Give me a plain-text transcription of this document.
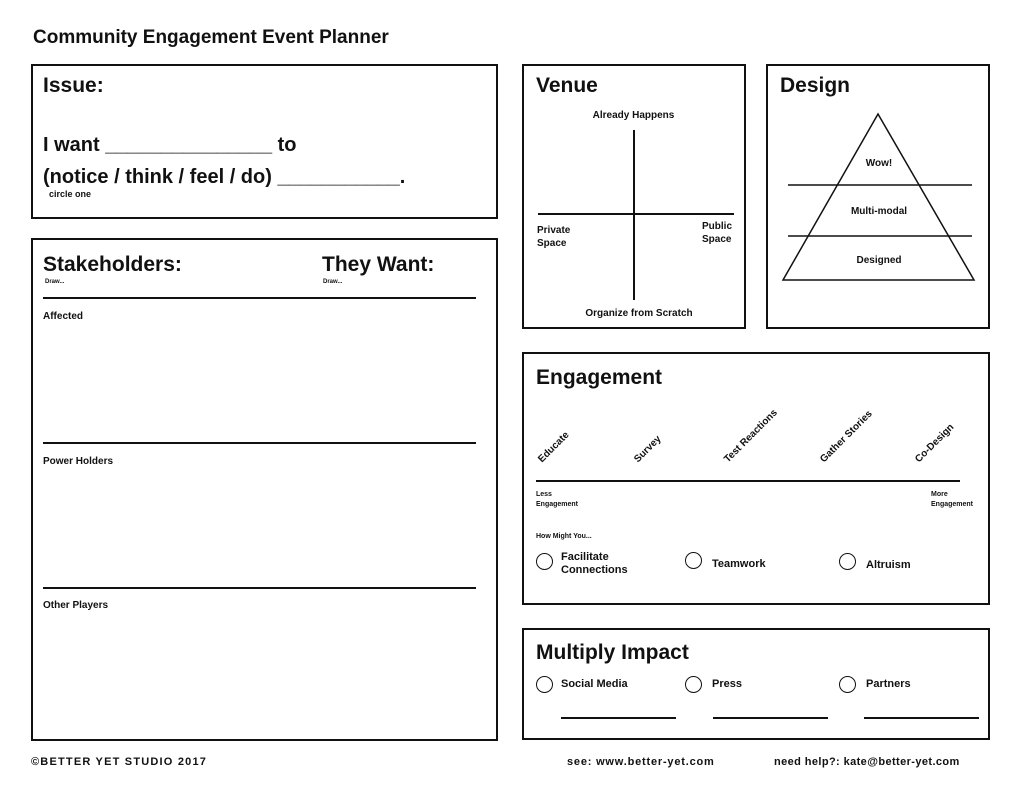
Community Engagement Event Planner
Issue:
I want _______________ to
(notice / think / feel / do) ___________.
circle one
Stakeholders:
Draw...
They Want:
Draw...
Affected
Power Holders
Other Players
Venue
Already Happens
Private
Space
Public
Space
Organize from Scratch
Design
Wow!
Multi-modal
Designed
Engagement
Educate	Survey	Test Reactions	Gather Stories	Co-Design
Less
Engagement
More
Engagement
How Might You...
Facilitate
Connections	Teamwork	Altruism
Multiply Impact
Social Media	Press	Partners
©BETTER YET STUDIO 2017	see: www.better-yet.com	need help?: kate@better-yet.com
